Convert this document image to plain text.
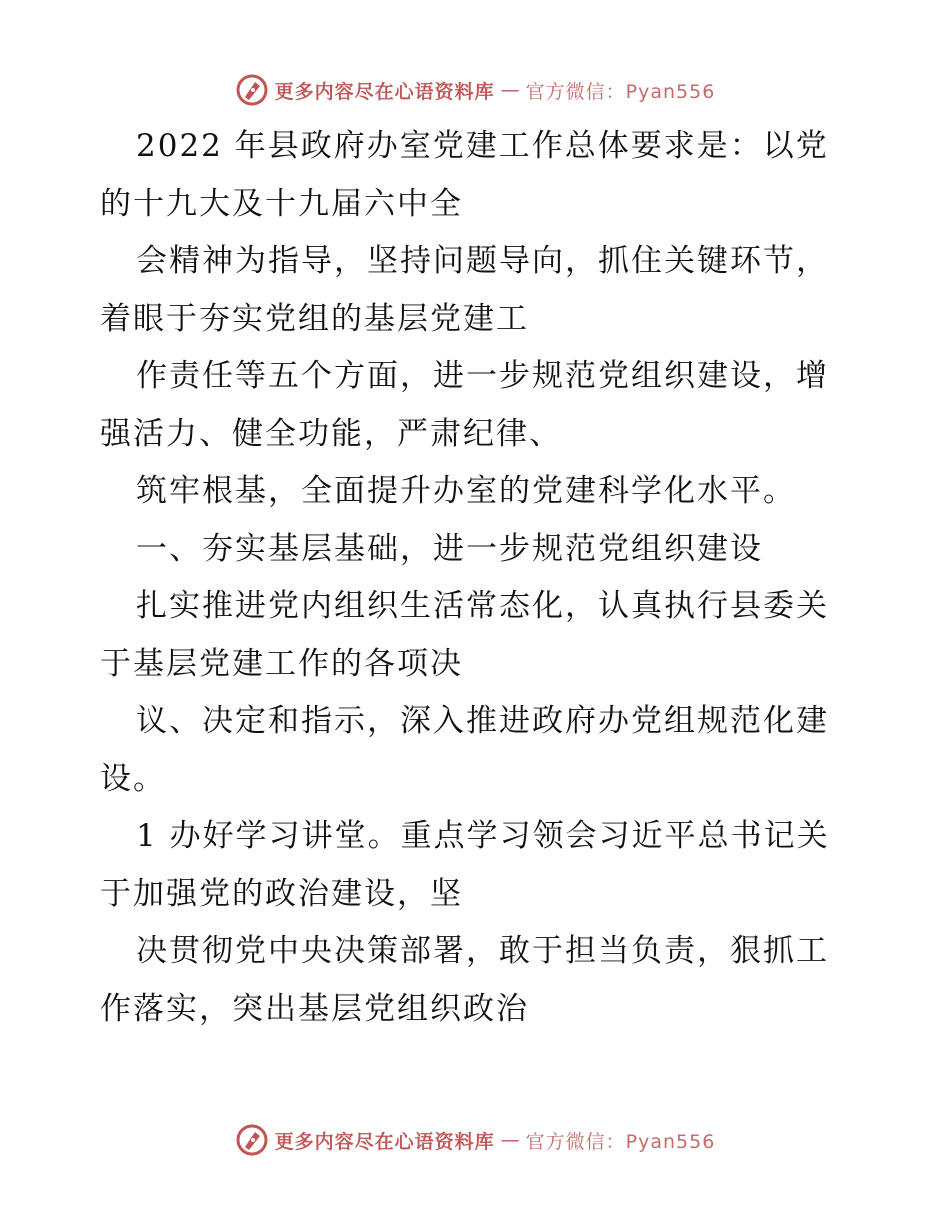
更多内容尽在心语资料库 — 官方微信：Pyan556

2022 年县政府办室党建工作总体要求是：以党的十九大及十九届六中全

会精神为指导，坚持问题导向，抓住关键环节，着眼于夯实党组的基层党建工

作责任等五个方面，进一步规范党组织建设，增强活力、健全功能，严肃纪律、

筑牢根基，全面提升办室的党建科学化水平。

一、夯实基层基础，进一步规范党组织建设

扎实推进党内组织生活常态化，认真执行县委关于基层党建工作的各项决

议、决定和指示，深入推进政府办党组规范化建设。

1 办好学习讲堂。重点学习领会习近平总书记关于加强党的政治建设，坚

决贯彻党中央决策部署，敢于担当负责，狠抓工作落实，突出基层党组织政治

更多内容尽在心语资料库 — 官方微信：Pyan556
